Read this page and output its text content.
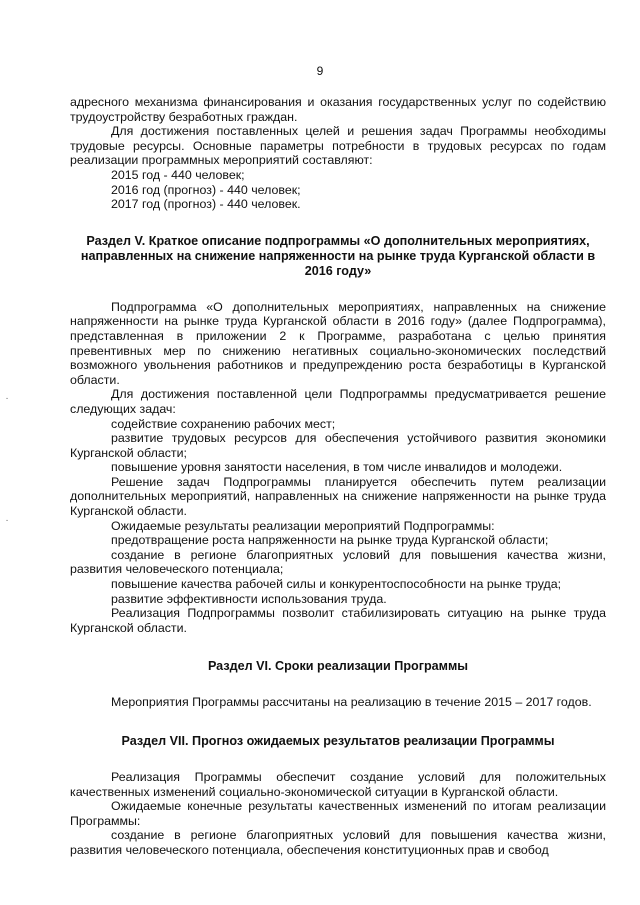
9
·
·

адресного механизма финансирования и оказания государственных услуг по содействию трудоустройству безработных граждан.

Для достижения поставленных целей и решения задач Программы необходимы трудовые ресурсы. Основные параметры потребности в трудовых ресурсах по годам реализации программных мероприятий составляют:

2015 год - 440 человек;

2016 год (прогноз) - 440 человек;

2017 год (прогноз) - 440 человек.

Раздел V. Краткое описание подпрограммы «О дополнительных мероприятиях, направленных на снижение напряженности на рынке труда Курганской области в 2016 году»

Подпрограмма «О дополнительных мероприятиях, направленных на снижение напряженности на рынке труда Курганской области в 2016 году» (далее Подпрограмма), представленная в приложении 2 к Программе, разработана с целью принятия превентивных мер по снижению негативных социально-экономических последствий возможного увольнения работников и предупреждению роста безработицы в Курганской области.

Для достижения поставленной цели Подпрограммы предусматривается решение следующих задач:

содействие сохранению рабочих мест;

развитие трудовых ресурсов для обеспечения устойчивого развития экономики Курганской области;

повышение уровня занятости населения, в том числе инвалидов и молодежи.

Решение задач Подпрограммы планируется обеспечить путем реализации дополнительных мероприятий, направленных на снижение напряженности на рынке труда Курганской области.

Ожидаемые результаты реализации мероприятий Подпрограммы:

предотвращение роста напряженности на рынке труда Курганской области;

создание в регионе благоприятных условий для повышения качества жизни, развития человеческого потенциала;

повышение качества рабочей силы и конкурентоспособности на рынке труда;

развитие эффективности использования труда.

Реализация Подпрограммы позволит стабилизировать ситуацию на рынке труда Курганской области.

Раздел VI. Сроки реализации Программы

Мероприятия Программы рассчитаны на реализацию в течение 2015 – 2017 годов.

Раздел VII. Прогноз ожидаемых результатов реализации Программы

Реализация Программы обеспечит создание условий для положительных качественных изменений социально-экономической ситуации в Курганской области.

Ожидаемые конечные результаты качественных изменений по итогам реализации Программы:

создание в регионе благоприятных условий для повышения качества жизни, развития человеческого потенциала, обеспечения конституционных прав и свобод
